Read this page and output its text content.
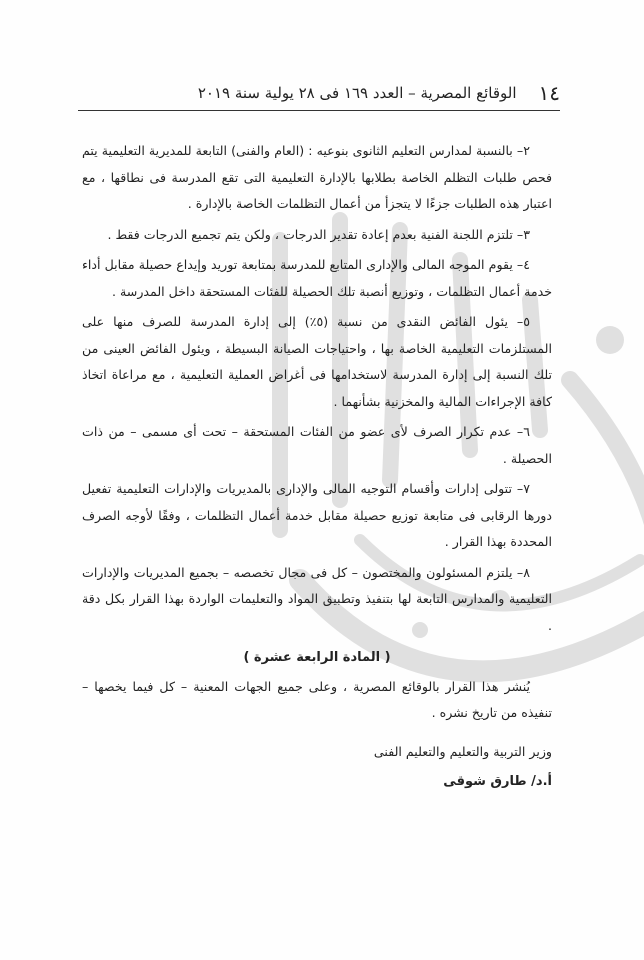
١٤
الوقائع المصرية – العدد ١٦٩ فى ٢٨ يولية سنة ٢٠١٩

٢– بالنسبة لمدارس التعليم الثانوى بنوعيه : (العام والفنى) التابعة للمديرية التعليمية يتم فحص طلبات التظلم الخاصة بطلابها بالإدارة التعليمية التى تقع المدرسة فى نطاقها ، مع اعتبار هذه الطلبات جزءًا لا يتجزأ من أعمال التظلمات الخاصة بالإدارة .

٣– تلتزم اللجنة الفنية بعدم إعادة تقدير الدرجات ، ولكن يتم تجميع الدرجات فقط .

٤– يقوم الموجه المالى والإدارى المتابع للمدرسة بمتابعة توريد وإيداع حصيلة مقابل أداء خدمة أعمال التظلمات ، وتوزيع أنصبة تلك الحصيلة للفئات المستحقة داخل المدرسة .

٥– يئول الفائض النقدى من نسبة (٥٪) إلى إدارة المدرسة للصرف منها على المستلزمات التعليمية الخاصة بها ، واحتياجات الصيانة البسيطة ، ويئول الفائض العينى من تلك النسبة إلى إدارة المدرسة لاستخدامها فى أغراض العملية التعليمية ، مع مراعاة اتخاذ كافة الإجراءات المالية والمخزنية بشأنهما .

٦– عدم تكرار الصرف لأى عضو من الفئات المستحقة – تحت أى مسمى – من ذات الحصيلة .

٧– تتولى إدارات وأقسام التوجيه المالى والإدارى بالمديريات والإدارات التعليمية تفعيل دورها الرقابى فى متابعة توزيع حصيلة مقابل خدمة أعمال التظلمات ، وفقًا لأوجه الصرف المحددة بهذا القرار .

٨– يلتزم المسئولون والمختصون – كل فى مجال تخصصه – بجميع المديريات والإدارات التعليمية والمدارس التابعة لها بتنفيذ وتطبيق المواد والتعليمات الواردة بهذا القرار بكل دقة .

( المادة الرابعة عشرة )

يُنشر هذا القرار بالوقائع المصرية ، وعلى جميع الجهات المعنية – كل فيما يخصها – تنفيذه من تاريخ نشره .

وزير التربية والتعليم والتعليم الفنى
أ.د/ طارق شوقى
